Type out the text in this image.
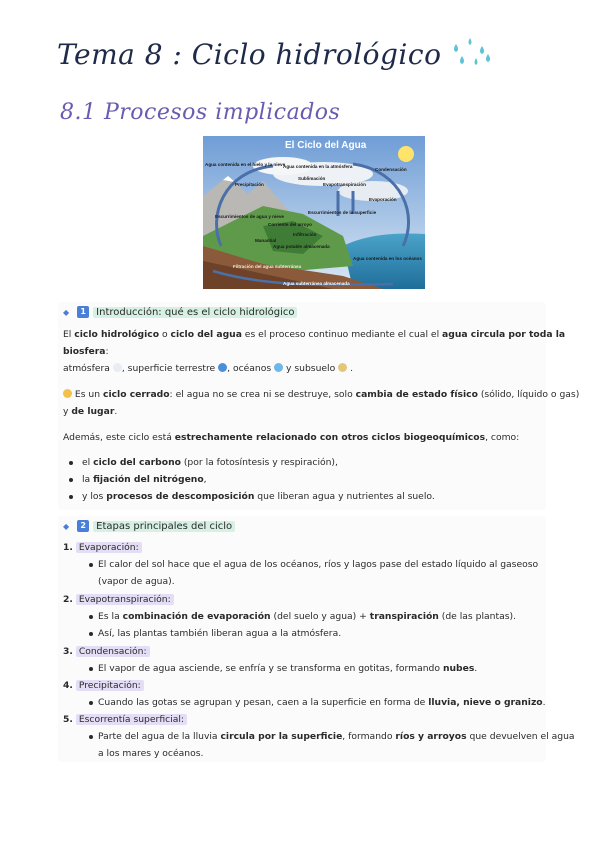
Tema 8 : Ciclo hidrológico
8.1 Procesos implicados
El Ciclo del Agua
Agua contenida en el hielo y la nieve
Agua contenida en la atmósfera
Condensación
Sublimación
Precipitación	Evapotranspiración
Evaporación
Escurrimientos de agua y nieve
Escurrimientos de la superficie
Corriente del arroyo
Manantial
Agua potable almacenada
Infiltración
Agua contenida en los océanos
Filtración del agua subterránea
Agua subterránea almacenada
◆	1	Introducción: qué es el ciclo hidrológico
El ciclo hidrológico o ciclo del agua es el proceso continuo mediante el cual el agua circula por toda la
biosfera:
atmósfera , superficie terrestre , océanos y subsuelo .
Es un ciclo cerrado: el agua no se crea ni se destruye, solo cambia de estado físico (sólido, líquido o gas)
y de lugar.
Además, este ciclo está estrechamente relacionado con otros ciclos biogeoquímicos, como:
el ciclo del carbono (por la fotosíntesis y respiración),
la fijación del nitrógeno,
y los procesos de descomposición que liberan agua y nutrientes al suelo.
◆	2	Etapas principales del ciclo
1. Evaporación:
El calor del sol hace que el agua de los océanos, ríos y lagos pase del estado líquido al gaseoso
(vapor de agua).
2. Evapotranspiración:
Es la combinación de evaporación (del suelo y agua) + transpiración (de las plantas).
Así, las plantas también liberan agua a la atmósfera.
3. Condensación:
El vapor de agua asciende, se enfría y se transforma en gotitas, formando nubes.
4. Precipitación:
Cuando las gotas se agrupan y pesan, caen a la superficie en forma de lluvia, nieve o granizo.
5. Escorrentía superficial:
Parte del agua de la lluvia circula por la superficie, formando ríos y arroyos que devuelven el agua
a los mares y océanos.
